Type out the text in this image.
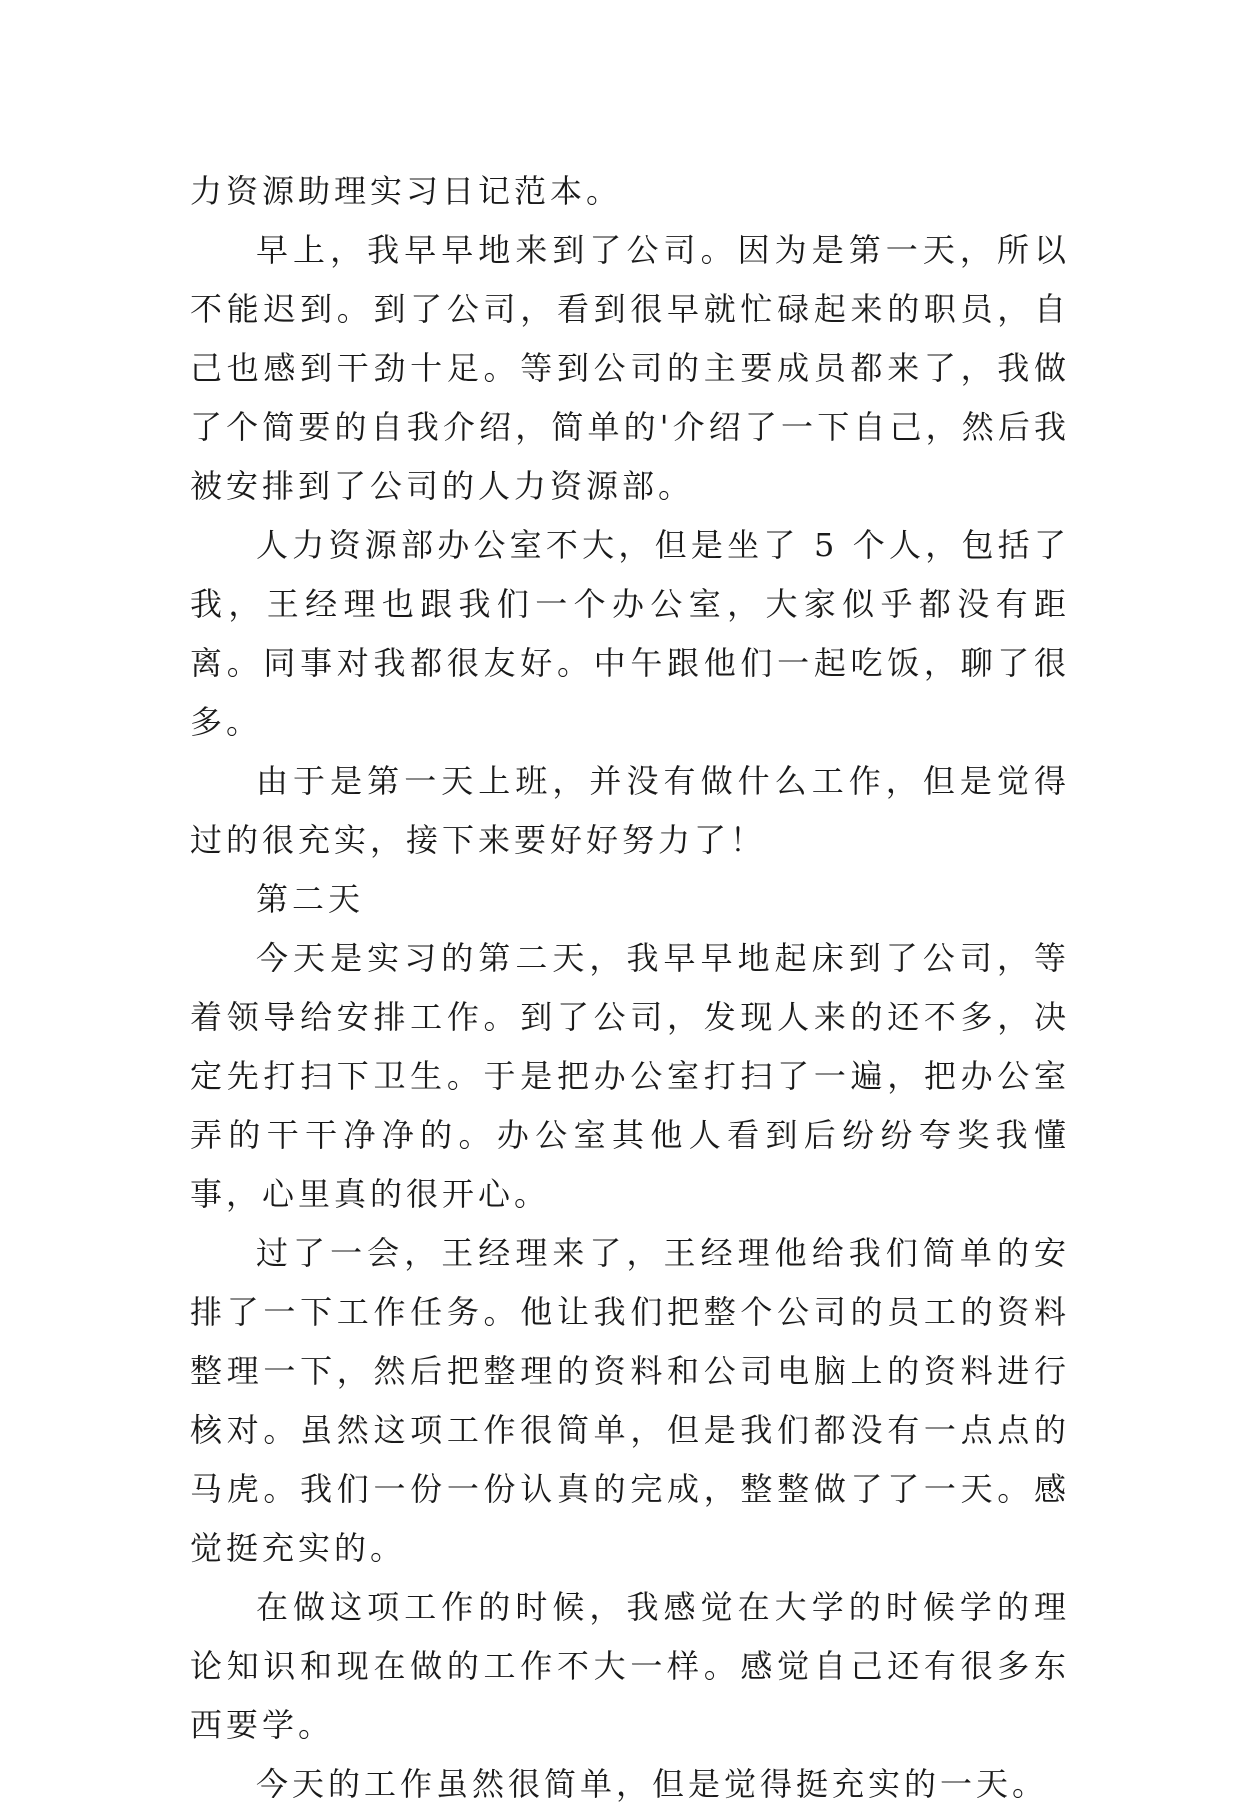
力资源助理实习日记范本。

早上，我早早地来到了公司。因为是第一天，所以不能迟到。到了公司，看到很早就忙碌起来的职员，自己也感到干劲十足。等到公司的主要成员都来了，我做了个简要的自我介绍，简单的'介绍了一下自己，然后我被安排到了公司的人力资源部。

人力资源部办公室不大，但是坐了 5 个人，包括了我，王经理也跟我们一个办公室，大家似乎都没有距离。同事对我都很友好。中午跟他们一起吃饭，聊了很多。

由于是第一天上班，并没有做什么工作，但是觉得过的很充实，接下来要好好努力了！

第二天

今天是实习的第二天，我早早地起床到了公司，等着领导给安排工作。到了公司，发现人来的还不多，决定先打扫下卫生。于是把办公室打扫了一遍，把办公室弄的干干净净的。办公室其他人看到后纷纷夸奖我懂事，心里真的很开心。

过了一会，王经理来了，王经理他给我们简单的安排了一下工作任务。他让我们把整个公司的员工的资料整理一下，然后把整理的资料和公司电脑上的资料进行核对。虽然这项工作很简单，但是我们都没有一点点的马虎。我们一份一份认真的完成，整整做了了一天。感觉挺充实的。

在做这项工作的时候，我感觉在大学的时候学的理论知识和现在做的工作不大一样。感觉自己还有很多东西要学。

今天的工作虽然很简单，但是觉得挺充实的一天。
